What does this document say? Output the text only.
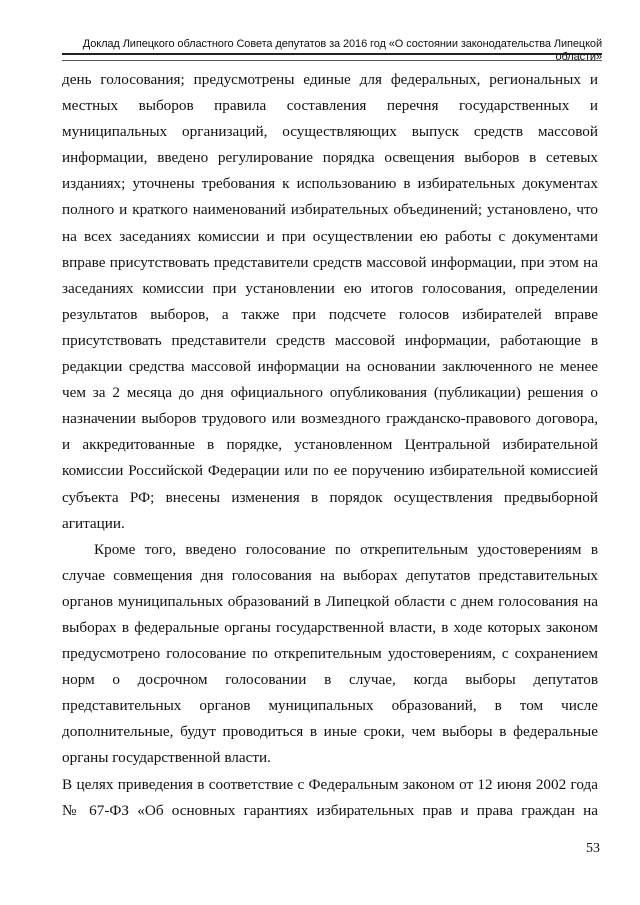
Доклад Липецкого областного Совета депутатов за 2016 год «О состоянии законодательства Липецкой области»
день голосования; предусмотрены единые для федеральных, региональных и
местных выборов правила составления перечня государственных и
муниципальных организаций, осуществляющих выпуск средств массовой
информации, введено регулирование порядка освещения выборов в сетевых
изданиях; уточнены требования к использованию в избирательных документах
полного и краткого наименований избирательных объединений; установлено, что
на всех заседаниях комиссии и при осуществлении ею работы с документами
вправе присутствовать представители средств массовой информации, при этом на
заседаниях комиссии при установлении ею итогов голосования, определении
результатов выборов, а также при подсчете голосов избирателей вправе
присутствовать представители средств массовой информации, работающие в
редакции средства массовой информации на основании заключенного не менее
чем за 2 месяца до дня официального опубликования (публикации) решения о
назначении выборов трудового или возмездного гражданско-правового договора,
и аккредитованные в порядке, установленном Центральной избирательной
комиссии Российской Федерации или по ее поручению избирательной комиссией
субъекта РФ; внесены изменения в порядок осуществления предвыборной
агитации.
Кроме того, введено голосование по открепительным удостоверениям в
случае совмещения дня голосования на выборах депутатов представительных
органов муниципальных образований в Липецкой области с днем голосования на
выборах в федеральные органы государственной власти, в ходе которых законом
предусмотрено голосование по открепительным удостоверениям, с сохранением
норм о досрочном голосовании в случае, когда выборы депутатов
представительных органов муниципальных образований, в том числе
дополнительные, будут проводиться в иные сроки, чем выборы в федеральные
органы государственной власти.
В целях приведения в соответствие с Федеральным законом от 12 июня 2002 года
№ 67-ФЗ «Об основных гарантиях избирательных прав и права граждан на
53
